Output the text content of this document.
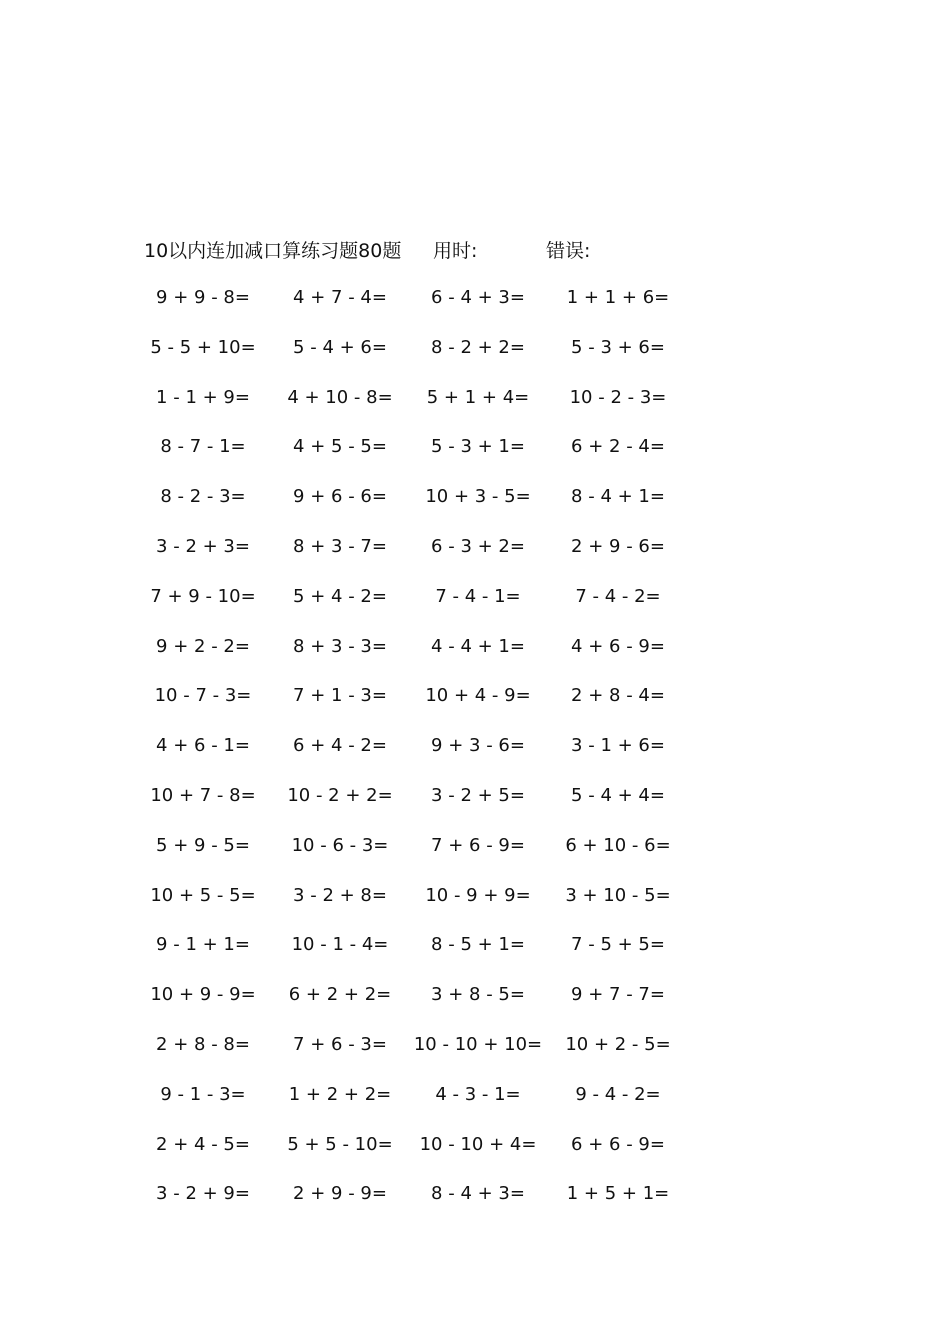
10以内连加减口算练习题80题 用时:	错误:
9 + 9 - 8=	4 + 7 - 4=	6 - 4 + 3=	1 + 1 + 6=
5 - 5 + 10=	5 - 4 + 6=	8 - 2 + 2=	5 - 3 + 6=
1 - 1 + 9=	4 + 10 - 8=	5 + 1 + 4=	10 - 2 - 3=
8 - 7 - 1=	4 + 5 - 5=	5 - 3 + 1=	6 + 2 - 4=
8 - 2 - 3=	9 + 6 - 6=	10 + 3 - 5=	8 - 4 + 1=
3 - 2 + 3=	8 + 3 - 7=	6 - 3 + 2=	2 + 9 - 6=
7 + 9 - 10=	5 + 4 - 2=	7 - 4 - 1=	7 - 4 - 2=
9 + 2 - 2=	8 + 3 - 3=	4 - 4 + 1=	4 + 6 - 9=
10 - 7 - 3=	7 + 1 - 3=	10 + 4 - 9=	2 + 8 - 4=
4 + 6 - 1=	6 + 4 - 2=	9 + 3 - 6=	3 - 1 + 6=
10 + 7 - 8=	10 - 2 + 2=	3 - 2 + 5=	5 - 4 + 4=
5 + 9 - 5=	10 - 6 - 3=	7 + 6 - 9=	6 + 10 - 6=
10 + 5 - 5=	3 - 2 + 8=	10 - 9 + 9=	3 + 10 - 5=
9 - 1 + 1=	10 - 1 - 4=	8 - 5 + 1=	7 - 5 + 5=
10 + 9 - 9=	6 + 2 + 2=	3 + 8 - 5=	9 + 7 - 7=
2 + 8 - 8=	7 + 6 - 3=	10 - 10 + 10=	10 + 2 - 5=
9 - 1 - 3=	1 + 2 + 2=	4 - 3 - 1=	9 - 4 - 2=
2 + 4 - 5=	5 + 5 - 10=	10 - 10 + 4=	6 + 6 - 9=
3 - 2 + 9=	2 + 9 - 9=	8 - 4 + 3=	1 + 5 + 1=
